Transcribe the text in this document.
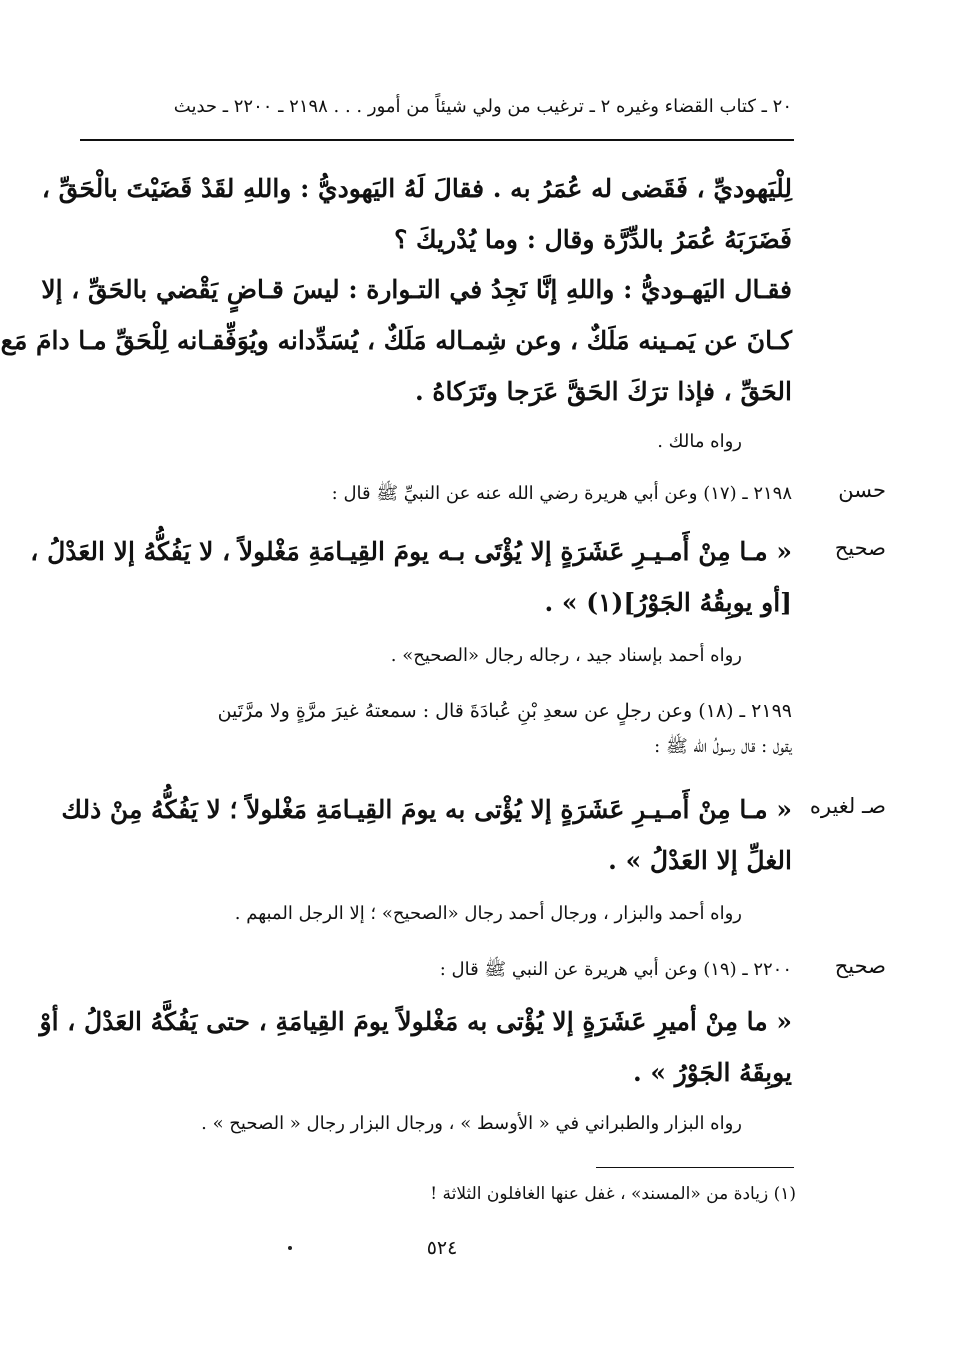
٢٠ ـ كتاب القضاء وغيره ٢ ـ ترغيب من ولي شيئاً من أمور . . . ٢١٩٨ ـ ٢٢٠٠ ـ حديث
لِلْيَهوديِّ ، فَقَضى له عُمَرُ به . فقالَ لَهُ اليَهوديُّ : واللهِ لقَدْ قَضَيْتَ بالْحَقِّ ،
فَضَرَبَهُ عُمَرُ بالدِّرَّة وقال : وما يُدْريكَ ؟
فقـال اليَهـوديُّ : واللهِ إنَّا نَجِدُ في التـوارة : ليسَ قـاضٍ يَقْضي بالحَقِّ ، إلا
كـانَ عن يَمـينه مَلَكٌ ، وعن شِمـاله مَلَكٌ ، يُسَدِّدانه ويُوَفِّقـانه لِلْحَقِّ مـا دامَ مَع
الحَقِّ ، فإذا ترَكَ الحَقَّ عَرَجا وتَرَكاهُ .
رواه مالك .
حسن
صحيح
٢١٩٨ ـ (١٧) وعن أبي هريرة رضي الله عنه عن النبيِّ ﷺ قال :
« مـا مِنْ أَمـيـرِ عَشَرَةٍ إلا يُؤْتَى بـه يومَ القِيـامَةِ مَغْلولاً ، لا يَفُكُّهُ إلا العَدْلُ ،
[أو يوبِقُهُ الجَوْرُ](١) » .
رواه أحمد بإسناد جيد ، رجاله رجال «الصحيح» .
٢١٩٩ ـ (١٨) وعن رجلٍ عن سعدِ بْنِ عُبادَةَ قال : سمعتهُ غيرَ مرَّةٍ ولا مرَّتَين
يقول : قال رسولُ الله ﷺ :
صـ لغيره
« مـا مِنْ أَمـيـرِ عَشَرَةٍ إلا يُؤْتى به يومَ القِيـامَةِ مَغْلولاً ؛ لا يَفُكُّهُ مِنْ ذلك
الغلِّ إلا العَدْلُ » .
رواه أحمد والبزار ، ورجال أحمد رجال «الصحيح» ؛ إلا الرجل المبهم .
صحيح
٢٢٠٠ ـ (١٩) وعن أبي هريرة عن النبي ﷺ قال :
« ما مِنْ أميرِ عَشَرَةٍ إلا يُؤْتى به مَغْلولاً يومَ القِيامَةِ ، حتى يَفُكَّهُ العَدْلُ ، أوْ
يوبِقَهُ الجَوْرُ » .
رواه البزار والطبراني في « الأوسط » ، ورجال البزار رجال « الصحيح » .
(١) زيادة من «المسند» ، غفل عنها الغافلون الثلاثة !
٥٢٤
